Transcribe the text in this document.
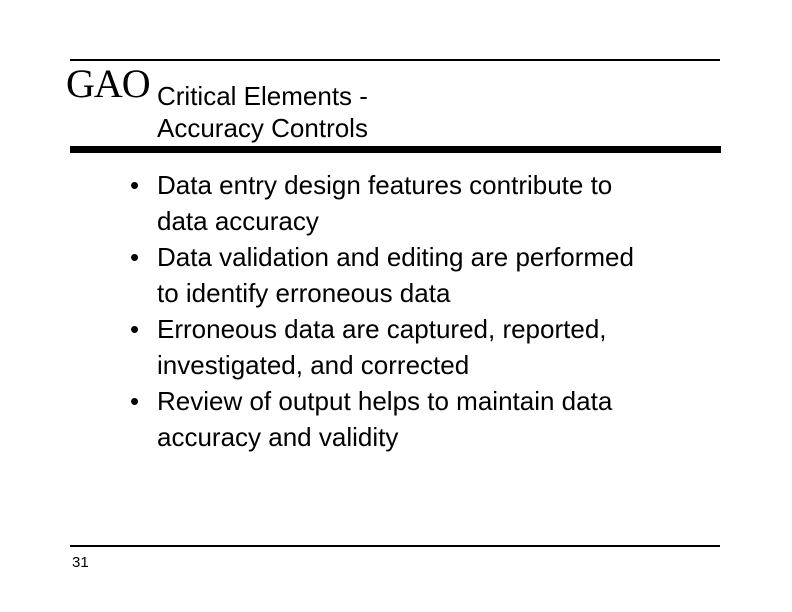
GAO Critical Elements -
Accuracy Controls
• Data entry design features contribute to
data accuracy
• Data validation and editing are performed
to identify erroneous data
• Erroneous data are captured, reported,
investigated, and corrected
• Review of output helps to maintain data
accuracy and validity
31
